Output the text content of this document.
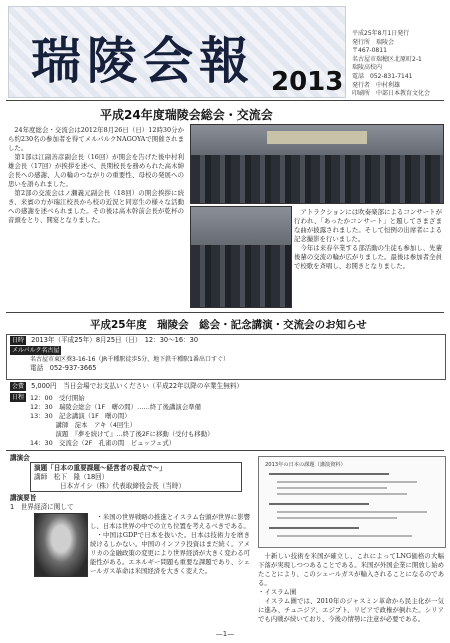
瑞陵会報 2013
平成25年8月1日発行
発行所　瑞陵会
〒467-0811
名古屋市瑞穂区北原町2-1
瑞陵高校内
電話　052-831-7141
発行者　中村利雄
印刷所　中部日本教育文化会
平成24年度瑞陵会総会・交流会

24年度総会・交流会は2012年8月26日（日）12時30分から約230名の参加者を得てメルパルクNAGOYAで開催されました。

第1部は江副善彦副会長（16回）が開会を告げた後中村利雄会長（17回）が挨拶を述べ、長期校長を務められた高木紳会長への感謝、人の輪のつながりの重要性、母校の発展への思いを語られました。

第2部の交流会はノ瀬義元副会長（18回）の開会挨拶に続き、来賓の方が瑞江校長から校の近況と同窓生の様々な活動への感謝を述べられました。その後は高木幹前会長が乾杯の音頭をとり、開宴となりました。

アトラクションには吹奏楽部によるコンサートが行われ、「あったかコンサート」と題してさまざまな曲が披露されました。そして恒例の出席者による記念撮影を行いました。

今年は来春卒業する部活動の生徒も参加し、先輩後輩の交流の輪が広がりました。最後は参加者全員で校歌を斉唱し、お開きとなりました。

平成25年度　瑞陵会　総会・記念講演・交流会のお知らせ
日時 2013年（平成25年）8月25日（日）　12：30〜16：30
メルパルク名古屋
名古屋市東区葵3-16-16（JR千種駅徒歩5分、地下鉄千種駅1番出口すぐ）
電話　052-937-3665
会費 5,000円　当日会場でお支払いください（平成22年以降の卒業生無料）
日程 12：00　受付開始
12：30　瑞陵会総会（1F　曙の間）……終了後講演会準備
13：30　記念講演（1F　曙の間）
　　　　講師　淀本　アキ（4回生）
　　　　演題　『夢を続けて』…終了後2Fに移動（受付も移動）
14：30　交流会（2F　孔雀の間　ビュッフェ式）
講演会
演題「日本の重要課題〜経営者の視点で〜」
講師　松下　隆（18回）
日本ガイシ（株）代表取締役会長（当時）
講演要旨
1　世界経済に関して

・米国の世界戦略の推進とイスラム台頭が世界に影響し、日本は世界の中での立ち位置を考えるべきである。

・中国はGDPで日本を抜いた。日本は技術力を磨き続けるしかない。中国のインフラ投資はまだ続く。アメリカの金融政策の変更により世界経済が大きく変わる可能性がある。エネルギー問題も重要な課題であり、シェールガス革命は米国経済を大きく変えた。

2013年の日本の課題（講演資料）

十新しい技術を米国が確立し、これによってLNG価格の大幅下落が実現しつつあることである。米国が外国企業に開放し始めたことにより、このシェールガスが輸入されることになるのである。

・イスラム圏

イスラム圏では、2010年のジャスミン革命から民主化が一気に進み、チュニジア、エジプト、リビアで政権が倒れた。シリアでも内戦が続いており、今後の情勢に注意が必要である。

—1—
